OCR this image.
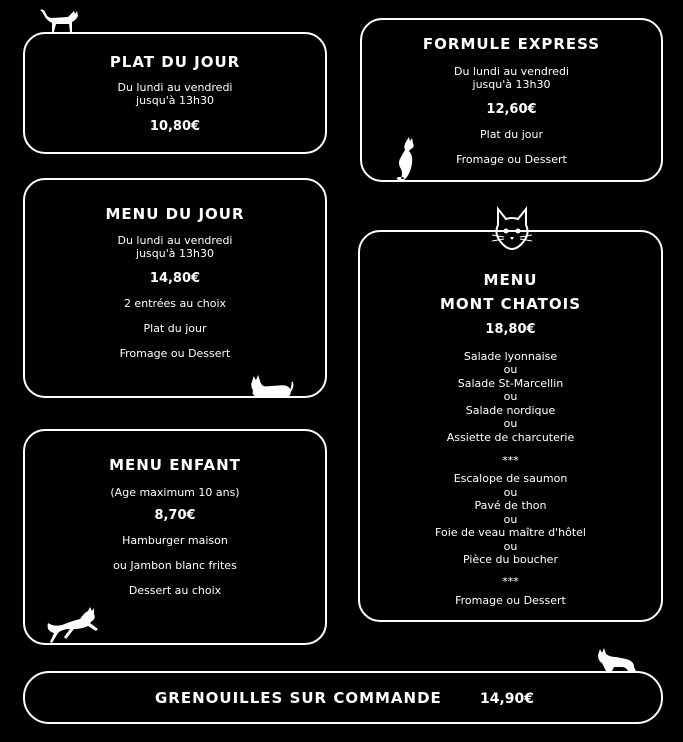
PLAT DU JOUR
Du lundi au vendredi
jusqu'à 13h30
10,80€
FORMULE EXPRESS
Du lundi au vendredi
jusqu'à 13h30
12,60€
Plat du jour
Fromage ou Dessert
MENU DU JOUR
Du lundi au vendredi
jusqu'à 13h30
14,80€
2 entrées au choix
Plat du jour
Fromage ou Dessert
MENU
MONT CHATOIS
18,80€
Salade lyonnaise
ou
Salade St-Marcellin
ou
Salade nordique
ou
Assiette de charcuterie
***
Escalope de saumon
ou
Pavé de thon
ou
Foie de veau maître d'hôtel
ou
Pièce du boucher
***
Fromage ou Dessert
MENU ENFANT
(Age maximum 10 ans)
8,70€
Hamburger maison
ou Jambon blanc frites
Dessert au choix
GRENOUILLES SUR COMMANDE	14,90€
